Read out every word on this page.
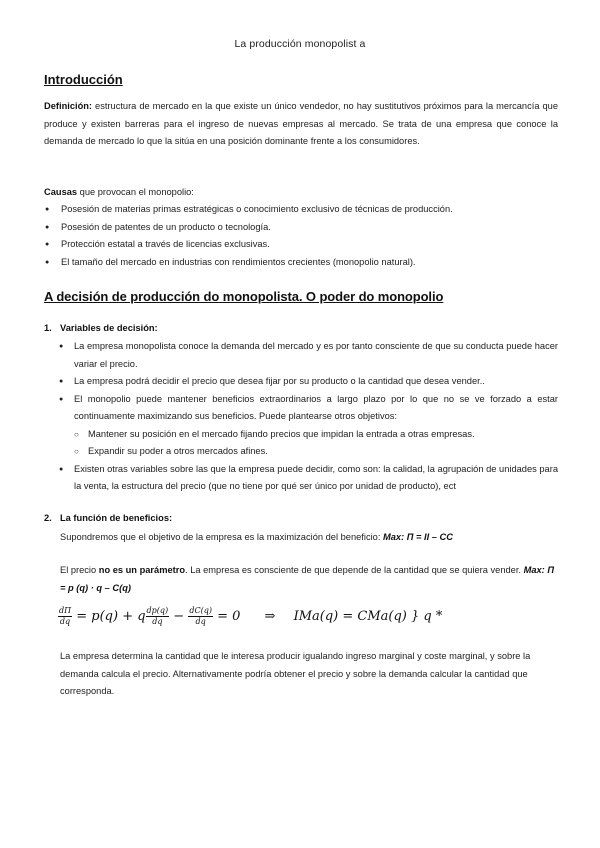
La producción monopolist a
Introducción
Definición: estructura de mercado en la que existe un único vendedor, no hay sustitutivos próximos para la mercancía que produce y existen barreras para el ingreso de nuevas empresas al mercado. Se trata de una empresa que conoce la demanda de mercado lo que la sitúa en una posición dominante frente a los consumidores.
Causas que provocan el monopolio:
● Posesión de materias primas estratégicas o conocimiento exclusivo de técnicas de producción.
● Posesión de patentes de un producto o tecnología.
● Protección estatal a través de licencias exclusivas.
● El tamaño del mercado en industrias con rendimientos crecientes (monopolio natural).
A decisión de producción do monopolista. O poder do monopolio
1. Variables de decisión:
● La empresa monopolista conoce la demanda del mercado y es por tanto consciente de que su conducta puede hacer variar el precio.
● La empresa podrá decidir el precio que desea fijar por su producto o la cantidad que desea vender..
● El monopolio puede mantener beneficios extraordinarios a largo plazo por lo que no se ve forzado a estar continuamente maximizando sus beneficios. Puede plantearse otros objetivos:
○ Mantener su posición en el mercado fijando precios que impidan la entrada a otras empresas.
○ Expandir su poder a otros mercados afines.
● Existen otras variables sobre las que la empresa puede decidir, como son: la calidad, la agrupación de unidades para la venta, la estructura del precio (que no tiene por qué ser único por unidad de producto), ect
2. La función de beneficios:
Supondremos que el objetivo de la empresa es la maximización del beneficio: Max: Π = II – CC
El precio no es un parámetro. La empresa es consciente de que depende de la cantidad que se quiera vender. Max: Π = p (q) · q – C(q)
$\frac{d\Pi}{dq} = p(q) + q \frac{dp(q)}{dq} - \frac{dC(q)}{dq} = 0$ ⇒ IMa(q) = CMa(q) } q *
La empresa determina la cantidad que le interesa producir igualando ingreso marginal y coste marginal, y sobre la demanda calcula el precio. Alternativamente podría obtener el precio y sobre la demanda calcular la cantidad que corresponda.
